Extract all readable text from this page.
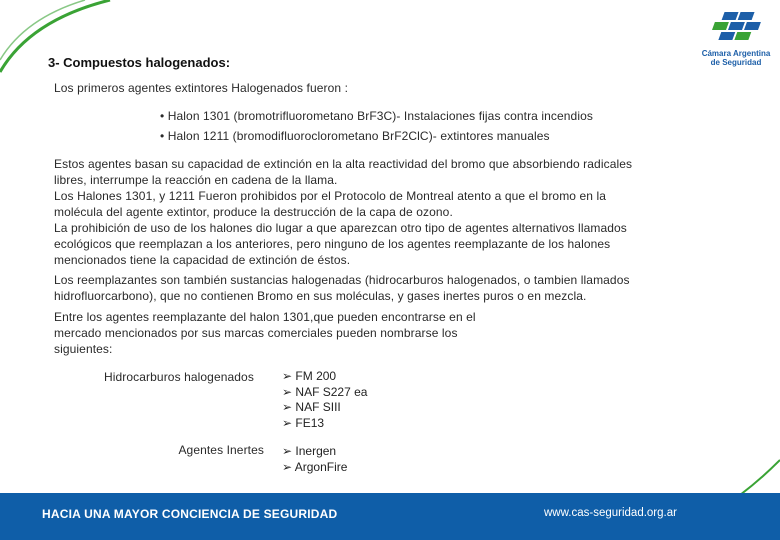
Cámara Argentina
de Seguridad
3- Compuestos halogenados:
Los primeros agentes extintores Halogenados fueron :
• Halon 1301 (bromotrifluorometano BrF3C)- Instalaciones fijas contra incendios
• Halon 1211 (bromodifluoroclorometano BrF2ClC)- extintores manuales
Estos agentes basan su capacidad de extinción en la alta reactividad del bromo que absorbiendo radicales
libres, interrumpe la reacción en cadena de la llama.
Los Halones 1301, y 1211 Fueron prohibidos por el Protocolo de Montreal atento a que el bromo en la
molécula del agente extintor, produce la destrucción de la capa de ozono.
La prohibición de uso de los halones dio lugar a que aparezcan otro tipo de agentes alternativos llamados
ecológicos que reemplazan a los anteriores, pero ninguno de los agentes reemplazante de los halones
mencionados tiene la capacidad de extinción de éstos.
Los reemplazantes son también sustancias halogenadas (hidrocarburos halogenados, o tambien llamados
hidrofluorcarbono), que no contienen Bromo en sus moléculas, y gases inertes puros o en mezcla.
Entre los agentes reemplazante del halon 1301,que pueden encontrarse en el
mercado mencionados por sus marcas comerciales pueden nombrarse los
siguientes:
Hidrocarburos halogenados	➢ FM 200
➢ NAF S227 ea
➢ NAF SIII
➢ FE13
Agentes Inertes ➢ Inergen
➢ ArgonFire
HACIA UNA MAYOR CONCIENCIA DE SEGURIDAD	www.cas-seguridad.org.ar
